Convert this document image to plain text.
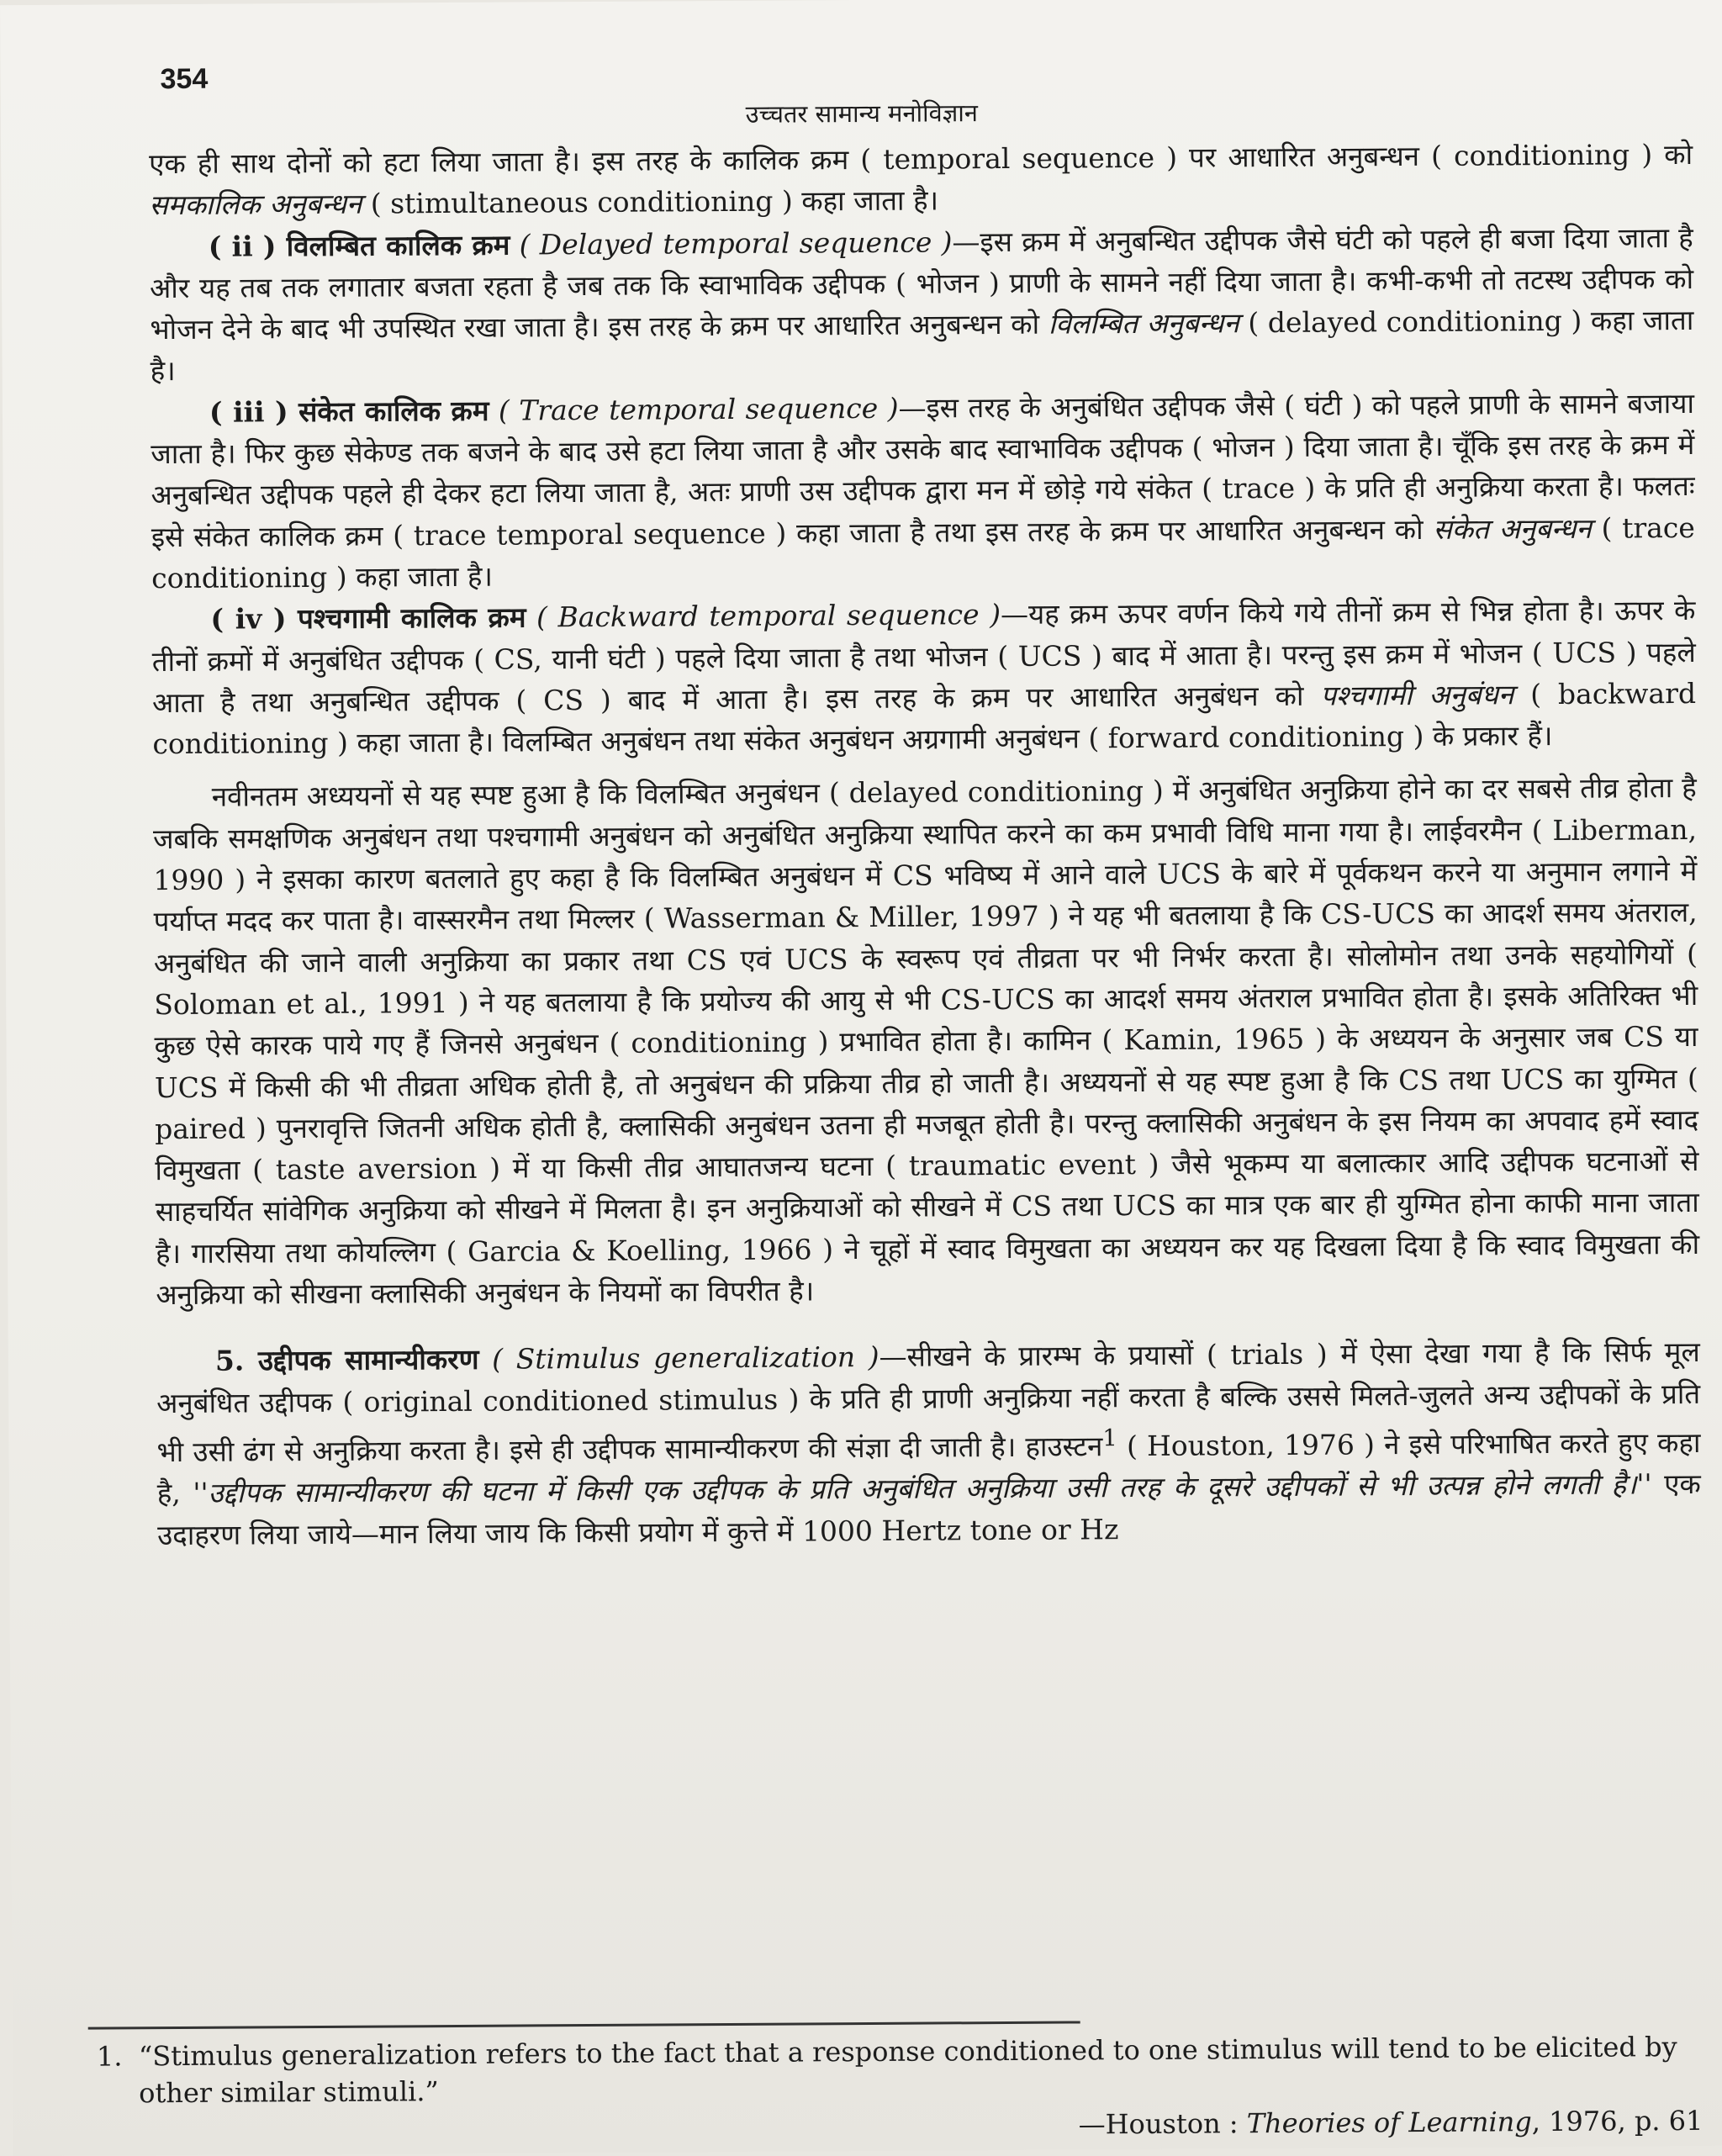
354
उच्चतर सामान्य मनोविज्ञान

एक ही साथ दोनों को हटा लिया जाता है। इस तरह के कालिक क्रम ( temporal sequence ) पर आधारित अनुबन्धन ( conditioning ) को समकालिक अनुबन्धन ( stimultaneous conditioning ) कहा जाता है।

( ii ) विलम्बित कालिक क्रम ( Delayed temporal sequence )—इस क्रम में अनुबन्धित उद्दीपक जैसे घंटी को पहले ही बजा दिया जाता है और यह तब तक लगातार बजता रहता है जब तक कि स्वाभाविक उद्दीपक ( भोजन ) प्राणी के सामने नहीं दिया जाता है। कभी-कभी तो तटस्थ उद्दीपक को भोजन देने के बाद भी उपस्थित रखा जाता है। इस तरह के क्रम पर आधारित अनुबन्धन को विलम्बित अनुबन्धन ( delayed conditioning ) कहा जाता है।

( iii ) संकेत कालिक क्रम ( Trace temporal sequence )—इस तरह के अनुबंधित उद्दीपक जैसे ( घंटी ) को पहले प्राणी के सामने बजाया जाता है। फिर कुछ सेकेण्ड तक बजने के बाद उसे हटा लिया जाता है और उसके बाद स्वाभाविक उद्दीपक ( भोजन ) दिया जाता है। चूँकि इस तरह के क्रम में अनुबन्धित उद्दीपक पहले ही देकर हटा लिया जाता है, अतः प्राणी उस उद्दीपक द्वारा मन में छोड़े गये संकेत ( trace ) के प्रति ही अनुक्रिया करता है। फलतः इसे संकेत कालिक क्रम ( trace temporal sequence ) कहा जाता है तथा इस तरह के क्रम पर आधारित अनुबन्धन को संकेत अनुबन्धन ( trace conditioning ) कहा जाता है।

( iv ) पश्चगामी कालिक क्रम ( Backward temporal sequence )—यह क्रम ऊपर वर्णन किये गये तीनों क्रम से भिन्न होता है। ऊपर के तीनों क्रमों में अनुबंधित उद्दीपक ( CS, यानी घंटी ) पहले दिया जाता है तथा भोजन ( UCS ) बाद में आता है। परन्तु इस क्रम में भोजन ( UCS ) पहले आता है तथा अनुबन्धित उद्दीपक ( CS ) बाद में आता है। इस तरह के क्रम पर आधारित अनुबंधन को पश्चगामी अनुबंधन ( backward conditioning ) कहा जाता है। विलम्बित अनुबंधन तथा संकेत अनुबंधन अग्रगामी अनुबंधन ( forward conditioning ) के प्रकार हैं।

नवीनतम अध्ययनों से यह स्पष्ट हुआ है कि विलम्बित अनुबंधन ( delayed conditioning ) में अनुबंधित अनुक्रिया होने का दर सबसे तीव्र होता है जबकि समक्षणिक अनुबंधन तथा पश्चगामी अनुबंधन को अनुबंधित अनुक्रिया स्थापित करने का कम प्रभावी विधि माना गया है। लाईवरमैन ( Liberman, 1990 ) ने इसका कारण बतलाते हुए कहा है कि विलम्बित अनुबंधन में CS भविष्य में आने वाले UCS के बारे में पूर्वकथन करने या अनुमान लगाने में पर्याप्त मदद कर पाता है। वास्सरमैन तथा मिल्लर ( Wasserman & Miller, 1997 ) ने यह भी बतलाया है कि CS-UCS का आदर्श समय अंतराल, अनुबंधित की जाने वाली अनुक्रिया का प्रकार तथा CS एवं UCS के स्वरूप एवं तीव्रता पर भी निर्भर करता है। सोलोमोन तथा उनके सहयोगियों ( Soloman et al., 1991 ) ने यह बतलाया है कि प्रयोज्य की आयु से भी CS-UCS का आदर्श समय अंतराल प्रभावित होता है। इसके अतिरिक्त भी कुछ ऐसे कारक पाये गए हैं जिनसे अनुबंधन ( conditioning ) प्रभावित होता है। कामिन ( Kamin, 1965 ) के अध्ययन के अनुसार जब CS या UCS में किसी की भी तीव्रता अधिक होती है, तो अनुबंधन की प्रक्रिया तीव्र हो जाती है। अध्ययनों से यह स्पष्ट हुआ है कि CS तथा UCS का युग्मित ( paired ) पुनरावृत्ति जितनी अधिक होती है, क्लासिकी अनुबंधन उतना ही मजबूत होती है। परन्तु क्लासिकी अनुबंधन के इस नियम का अपवाद हमें स्वाद विमुखता ( taste aversion ) में या किसी तीव्र आघातजन्य घटना ( traumatic event ) जैसे भूकम्प या बलात्कार आदि उद्दीपक घटनाओं से साहचर्यित सांवेगिक अनुक्रिया को सीखने में मिलता है। इन अनुक्रियाओं को सीखने में CS तथा UCS का मात्र एक बार ही युग्मित होना काफी माना जाता है। गारसिया तथा कोयल्लिग ( Garcia & Koelling, 1966 ) ने चूहों में स्वाद विमुखता का अध्ययन कर यह दिखला दिया है कि स्वाद विमुखता की अनुक्रिया को सीखना क्लासिकी अनुबंधन के नियमों का विपरीत है।

5. उद्दीपक सामान्यीकरण ( Stimulus generalization )—सीखने के प्रारम्भ के प्रयासों ( trials ) में ऐसा देखा गया है कि सिर्फ मूल अनुबंधित उद्दीपक ( original conditioned stimulus ) के प्रति ही प्राणी अनुक्रिया नहीं करता है बल्कि उससे मिलते-जुलते अन्य उद्दीपकों के प्रति भी उसी ढंग से अनुक्रिया करता है। इसे ही उद्दीपक सामान्यीकरण की संज्ञा दी जाती है। हाउस्टन$^1$ ( Houston, 1976 ) ने इसे परिभाषित करते हुए कहा है, ''उद्दीपक सामान्यीकरण की घटना में किसी एक उद्दीपक के प्रति अनुबंधित अनुक्रिया उसी तरह के दूसरे उद्दीपकों से भी उत्पन्न होने लगती है।'' एक उदाहरण लिया जाये—मान लिया जाय कि किसी प्रयोग में कुत्ते में 1000 Hertz tone or Hz

1. “Stimulus generalization refers to the fact that a response conditioned to one stimulus will tend to be elicited by other similar stimuli.”
—Houston : Theories of Learning, 1976, p. 61
